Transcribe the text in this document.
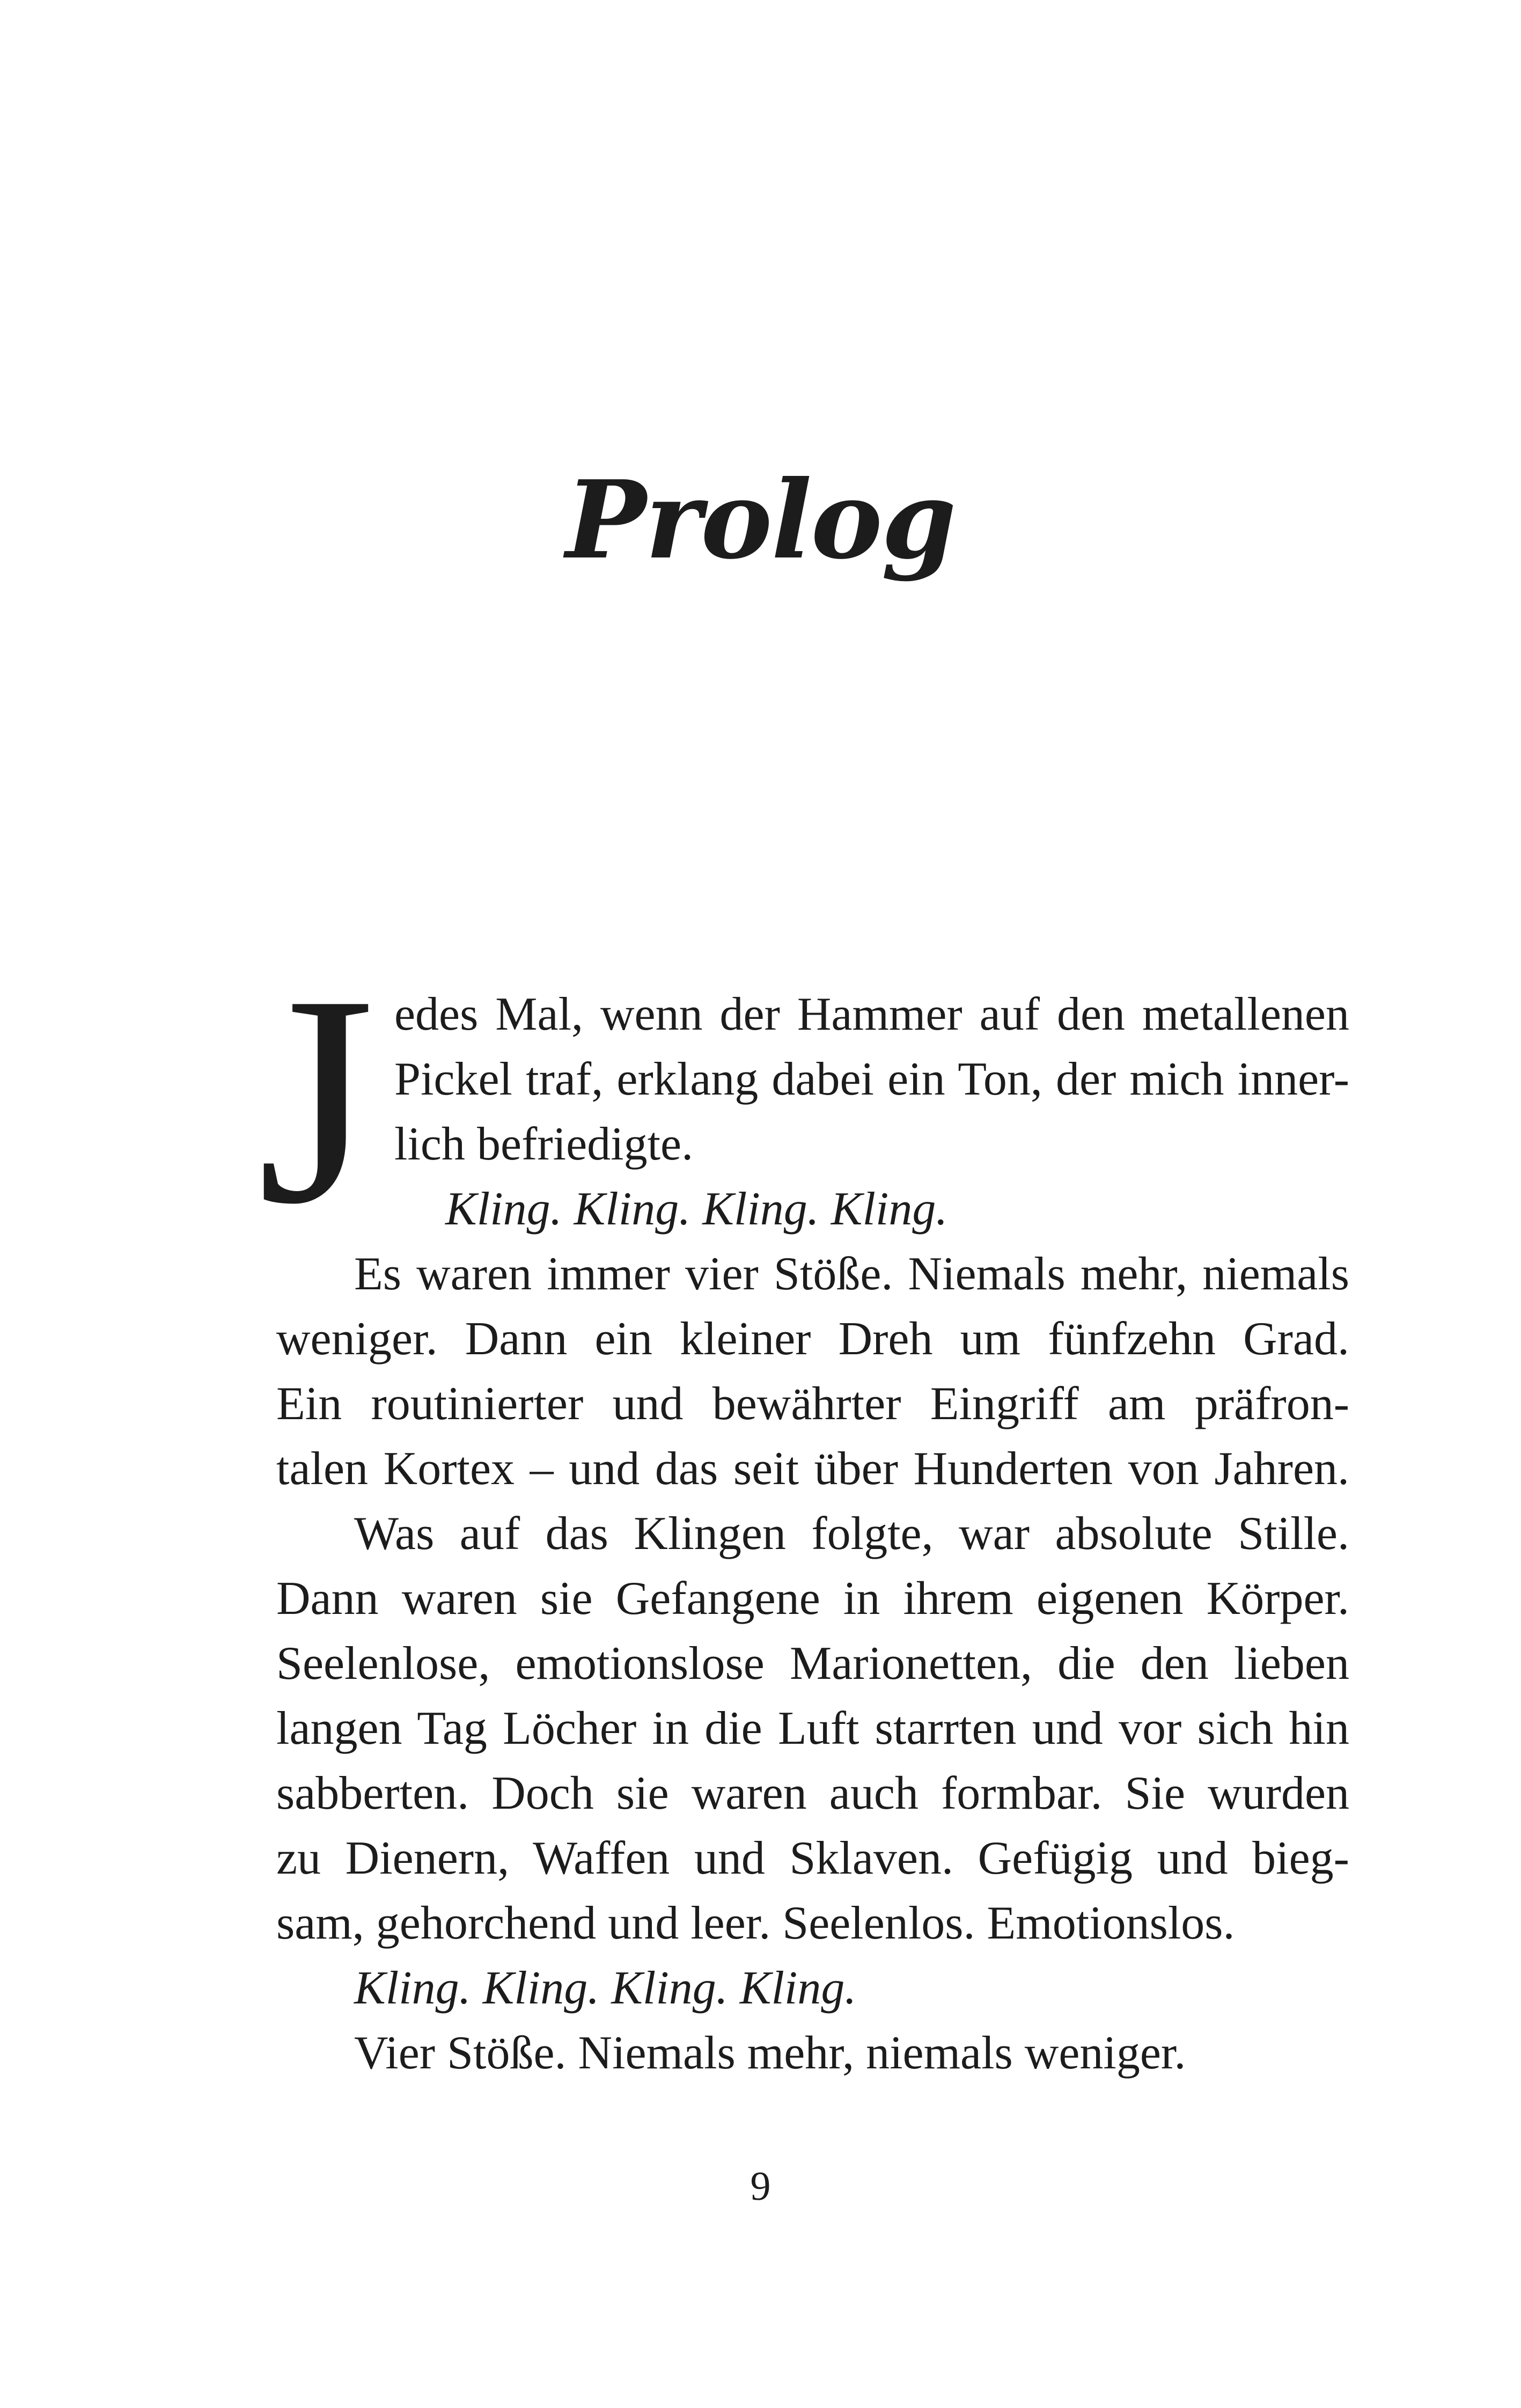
Prolog
J edes Mal, wenn der Hammer auf den metallenen
Pickel traf, erklang dabei ein Ton, der mich inner-
lich befriedigte.
Kling. Kling. Kling. Kling.
Es waren immer vier Stöße. Niemals mehr, niemals
weniger. Dann ein kleiner Dreh um fünfzehn Grad.
Ein routinierter und bewährter Eingriff am präfron-
talen Kortex – und das seit über Hunderten von Jahren.
Was auf das Klingen folgte, war absolute Stille.
Dann waren sie Gefangene in ihrem eigenen Körper.
Seelenlose, emotionslose Marionetten, die den lieben
langen Tag Löcher in die Luft starrten und vor sich hin
sabberten. Doch sie waren auch formbar. Sie wurden
zu Dienern, Waffen und Sklaven. Gefügig und bieg-
sam, gehorchend und leer. Seelenlos. Emotionslos.
Kling. Kling. Kling. Kling.
Vier Stöße. Niemals mehr, niemals weniger.
9
